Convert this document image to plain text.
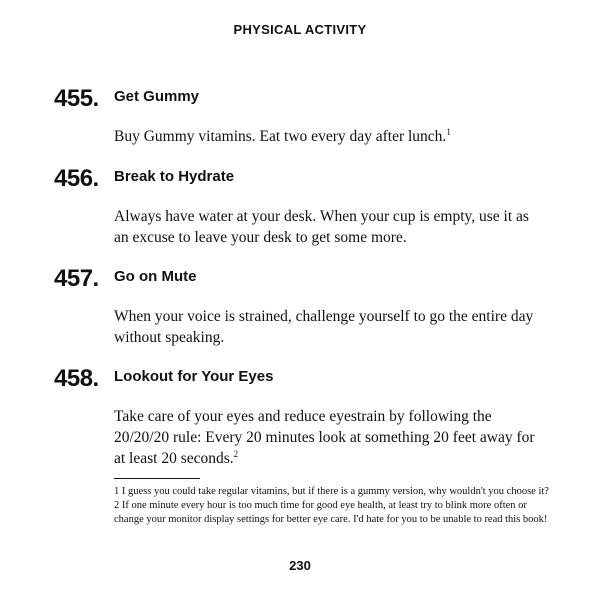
PHYSICAL ACTIVITY
455. Get Gummy
Buy Gummy vitamins. Eat two every day after lunch.$^1$
456. Break to Hydrate
Always have water at your desk. When your cup is empty, use it as an excuse to leave your desk to get some more.
457. Go on Mute
When your voice is strained, challenge yourself to go the entire day without speaking.
458. Lookout for Your Eyes
Take care of your eyes and reduce eyestrain by following the 20/20/20 rule: Every 20 minutes look at something 20 feet away for at least 20 seconds.$^2$
1 I guess you could take regular vitamins, but if there is a gummy version, why wouldn't you choose it?
2 If one minute every hour is too much time for good eye health, at least try to blink more often or change your monitor display settings for better eye care. I'd hate for you to be unable to read this book!
230
